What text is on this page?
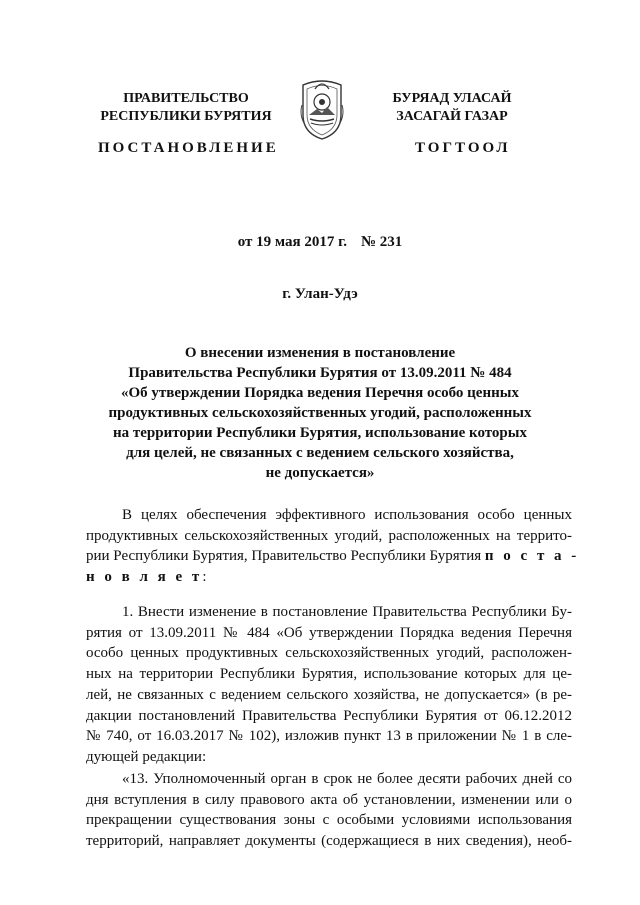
ПРАВИТЕЛЬСТВО
РЕСПУБЛИКИ БУРЯТИЯ
БУРЯАД УЛАСАЙ
ЗАСАГАЙ ГАЗАР
ПОСТАНОВЛЕНИЕ	ТОГТООЛ
от 19 мая 2017 г. № 231
г. Улан-Удэ
О внесении изменения в постановление
Правительства Республики Бурятия от 13.09.2011 № 484
«Об утверждении Порядка ведения Перечня особо ценных
продуктивных сельскохозяйственных угодий, расположенных
на территории Республики Бурятия, использование которых
для целей, не связанных с ведением сельского хозяйства,
не допускается»
В целях обеспечения эффективного использования особо ценных
продуктивных сельскохозяйственных угодий, расположенных на террито-
рии Республики Бурятия, Правительство Республики Бурятия п о с т а -
н о в л я е т:
1. Внести изменение в постановление Правительства Республики Бу-
рятия от 13.09.2011 № 484 «Об утверждении Порядка ведения Перечня
особо ценных продуктивных сельскохозяйственных угодий, расположен-
ных на территории Республики Бурятия, использование которых для це-
лей, не связанных с ведением сельского хозяйства, не допускается» (в ре-
дакции постановлений Правительства Республики Бурятия от 06.12.2012
№ 740, от 16.03.2017 № 102), изложив пункт 13 в приложении № 1 в сле-
дующей редакции:
«13. Уполномоченный орган в срок не более десяти рабочих дней со
дня вступления в силу правового акта об установлении, изменении или о
прекращении существования зоны с особыми условиями использования
территорий, направляет документы (содержащиеся в них сведения), необ-
